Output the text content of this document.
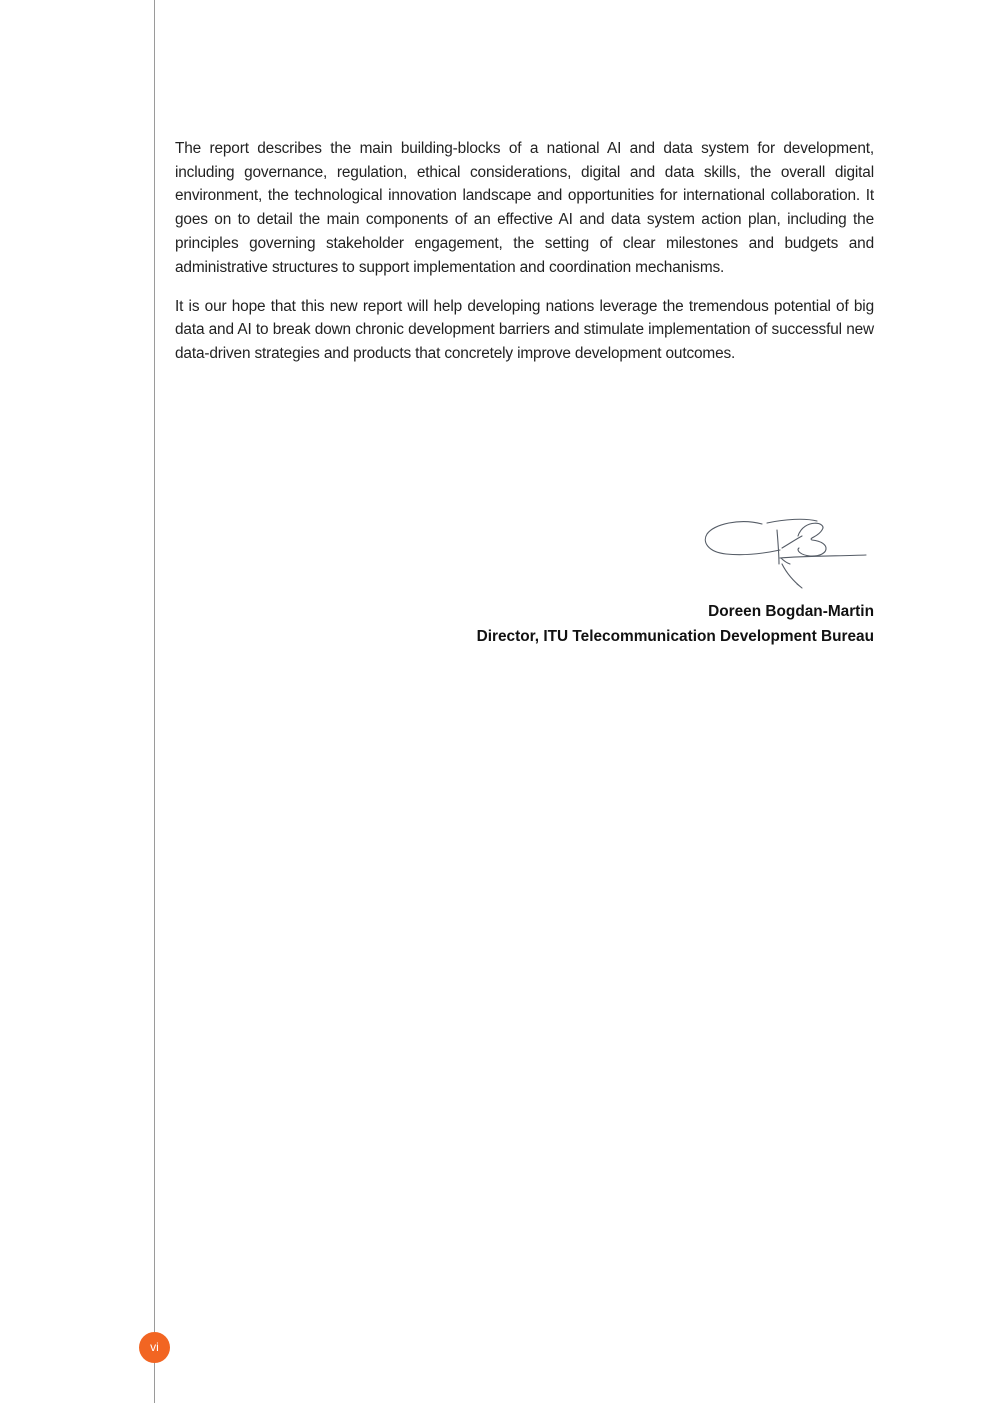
The report describes the main building-blocks of a national AI and data system for development, including governance, regulation, ethical considerations, digital and data skills, the overall digital environment, the technological innovation landscape and opportunities for international collaboration. It goes on to detail the main components of an effective AI and data system action plan, including the principles governing stakeholder engagement, the setting of clear milestones and budgets and administrative structures to support implementation and coordination mechanisms.

It is our hope that this new report will help developing nations leverage the tremendous potential of big data and AI to break down chronic development barriers and stimulate implementation of successful new data-driven strategies and products that concretely improve development outcomes.

Doreen Bogdan-Martin
Director, ITU Telecommunication Development Bureau
vi
